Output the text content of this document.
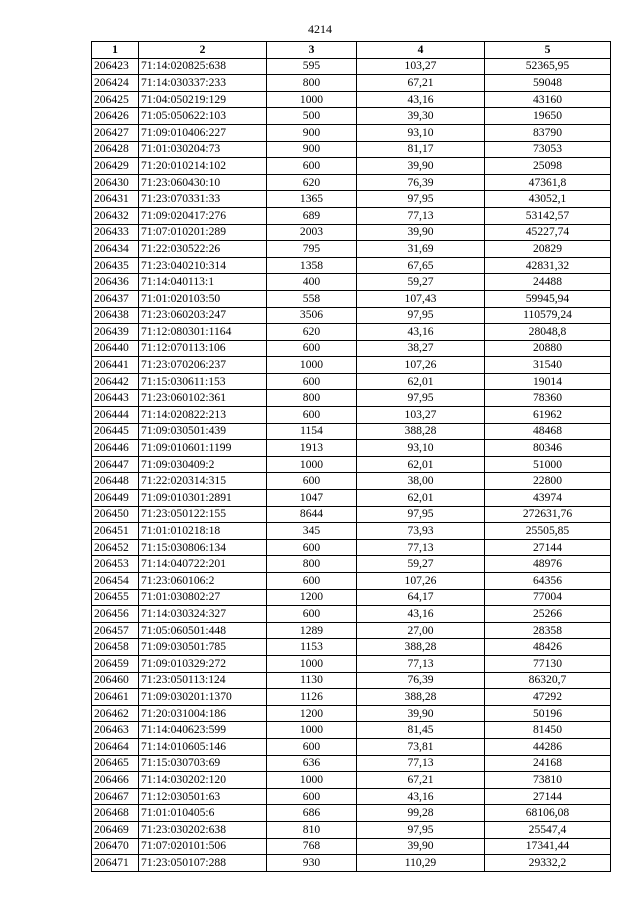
4214
1	2	3	4	5
206423	71:14:020825:638	595	103,27	52365,95
206424	71:14:030337:233	800	67,21	59048
206425	71:04:050219:129	1000	43,16	43160
206426	71:05:050622:103	500	39,30	19650
206427	71:09:010406:227	900	93,10	83790
206428	71:01:030204:73	900	81,17	73053
206429	71:20:010214:102	600	39,90	25098
206430	71:23:060430:10	620	76,39	47361,8
206431	71:23:070331:33	1365	97,95	43052,1
206432	71:09:020417:276	689	77,13	53142,57
206433	71:07:010201:289	2003	39,90	45227,74
206434	71:22:030522:26	795	31,69	20829
206435	71:23:040210:314	1358	67,65	42831,32
206436	71:14:040113:1	400	59,27	24488
206437	71:01:020103:50	558	107,43	59945,94
206438	71:23:060203:247	3506	97,95	110579,24
206439	71:12:080301:1164	620	43,16	28048,8
206440	71:12:070113:106	600	38,27	20880
206441	71:23:070206:237	1000	107,26	31540
206442	71:15:030611:153	600	62,01	19014
206443	71:23:060102:361	800	97,95	78360
206444	71:14:020822:213	600	103,27	61962
206445	71:09:030501:439	1154	388,28	48468
206446	71:09:010601:1199	1913	93,10	80346
206447	71:09:030409:2	1000	62,01	51000
206448	71:22:020314:315	600	38,00	22800
206449	71:09:010301:2891	1047	62,01	43974
206450	71:23:050122:155	8644	97,95	272631,76
206451	71:01:010218:18	345	73,93	25505,85
206452	71:15:030806:134	600	77,13	27144
206453	71:14:040722:201	800	59,27	48976
206454	71:23:060106:2	600	107,26	64356
206455	71:01:030802:27	1200	64,17	77004
206456	71:14:030324:327	600	43,16	25266
206457	71:05:060501:448	1289	27,00	28358
206458	71:09:030501:785	1153	388,28	48426
206459	71:09:010329:272	1000	77,13	77130
206460	71:23:050113:124	1130	76,39	86320,7
206461	71:09:030201:1370	1126	388,28	47292
206462	71:20:031004:186	1200	39,90	50196
206463	71:14:040623:599	1000	81,45	81450
206464	71:14:010605:146	600	73,81	44286
206465	71:15:030703:69	636	77,13	24168
206466	71:14:030202:120	1000	67,21	73810
206467	71:12:030501:63	600	43,16	27144
206468	71:01:010405:6	686	99,28	68106,08
206469	71:23:030202:638	810	97,95	25547,4
206470	71:07:020101:506	768	39,90	17341,44
206471	71:23:050107:288	930	110,29	29332,2
